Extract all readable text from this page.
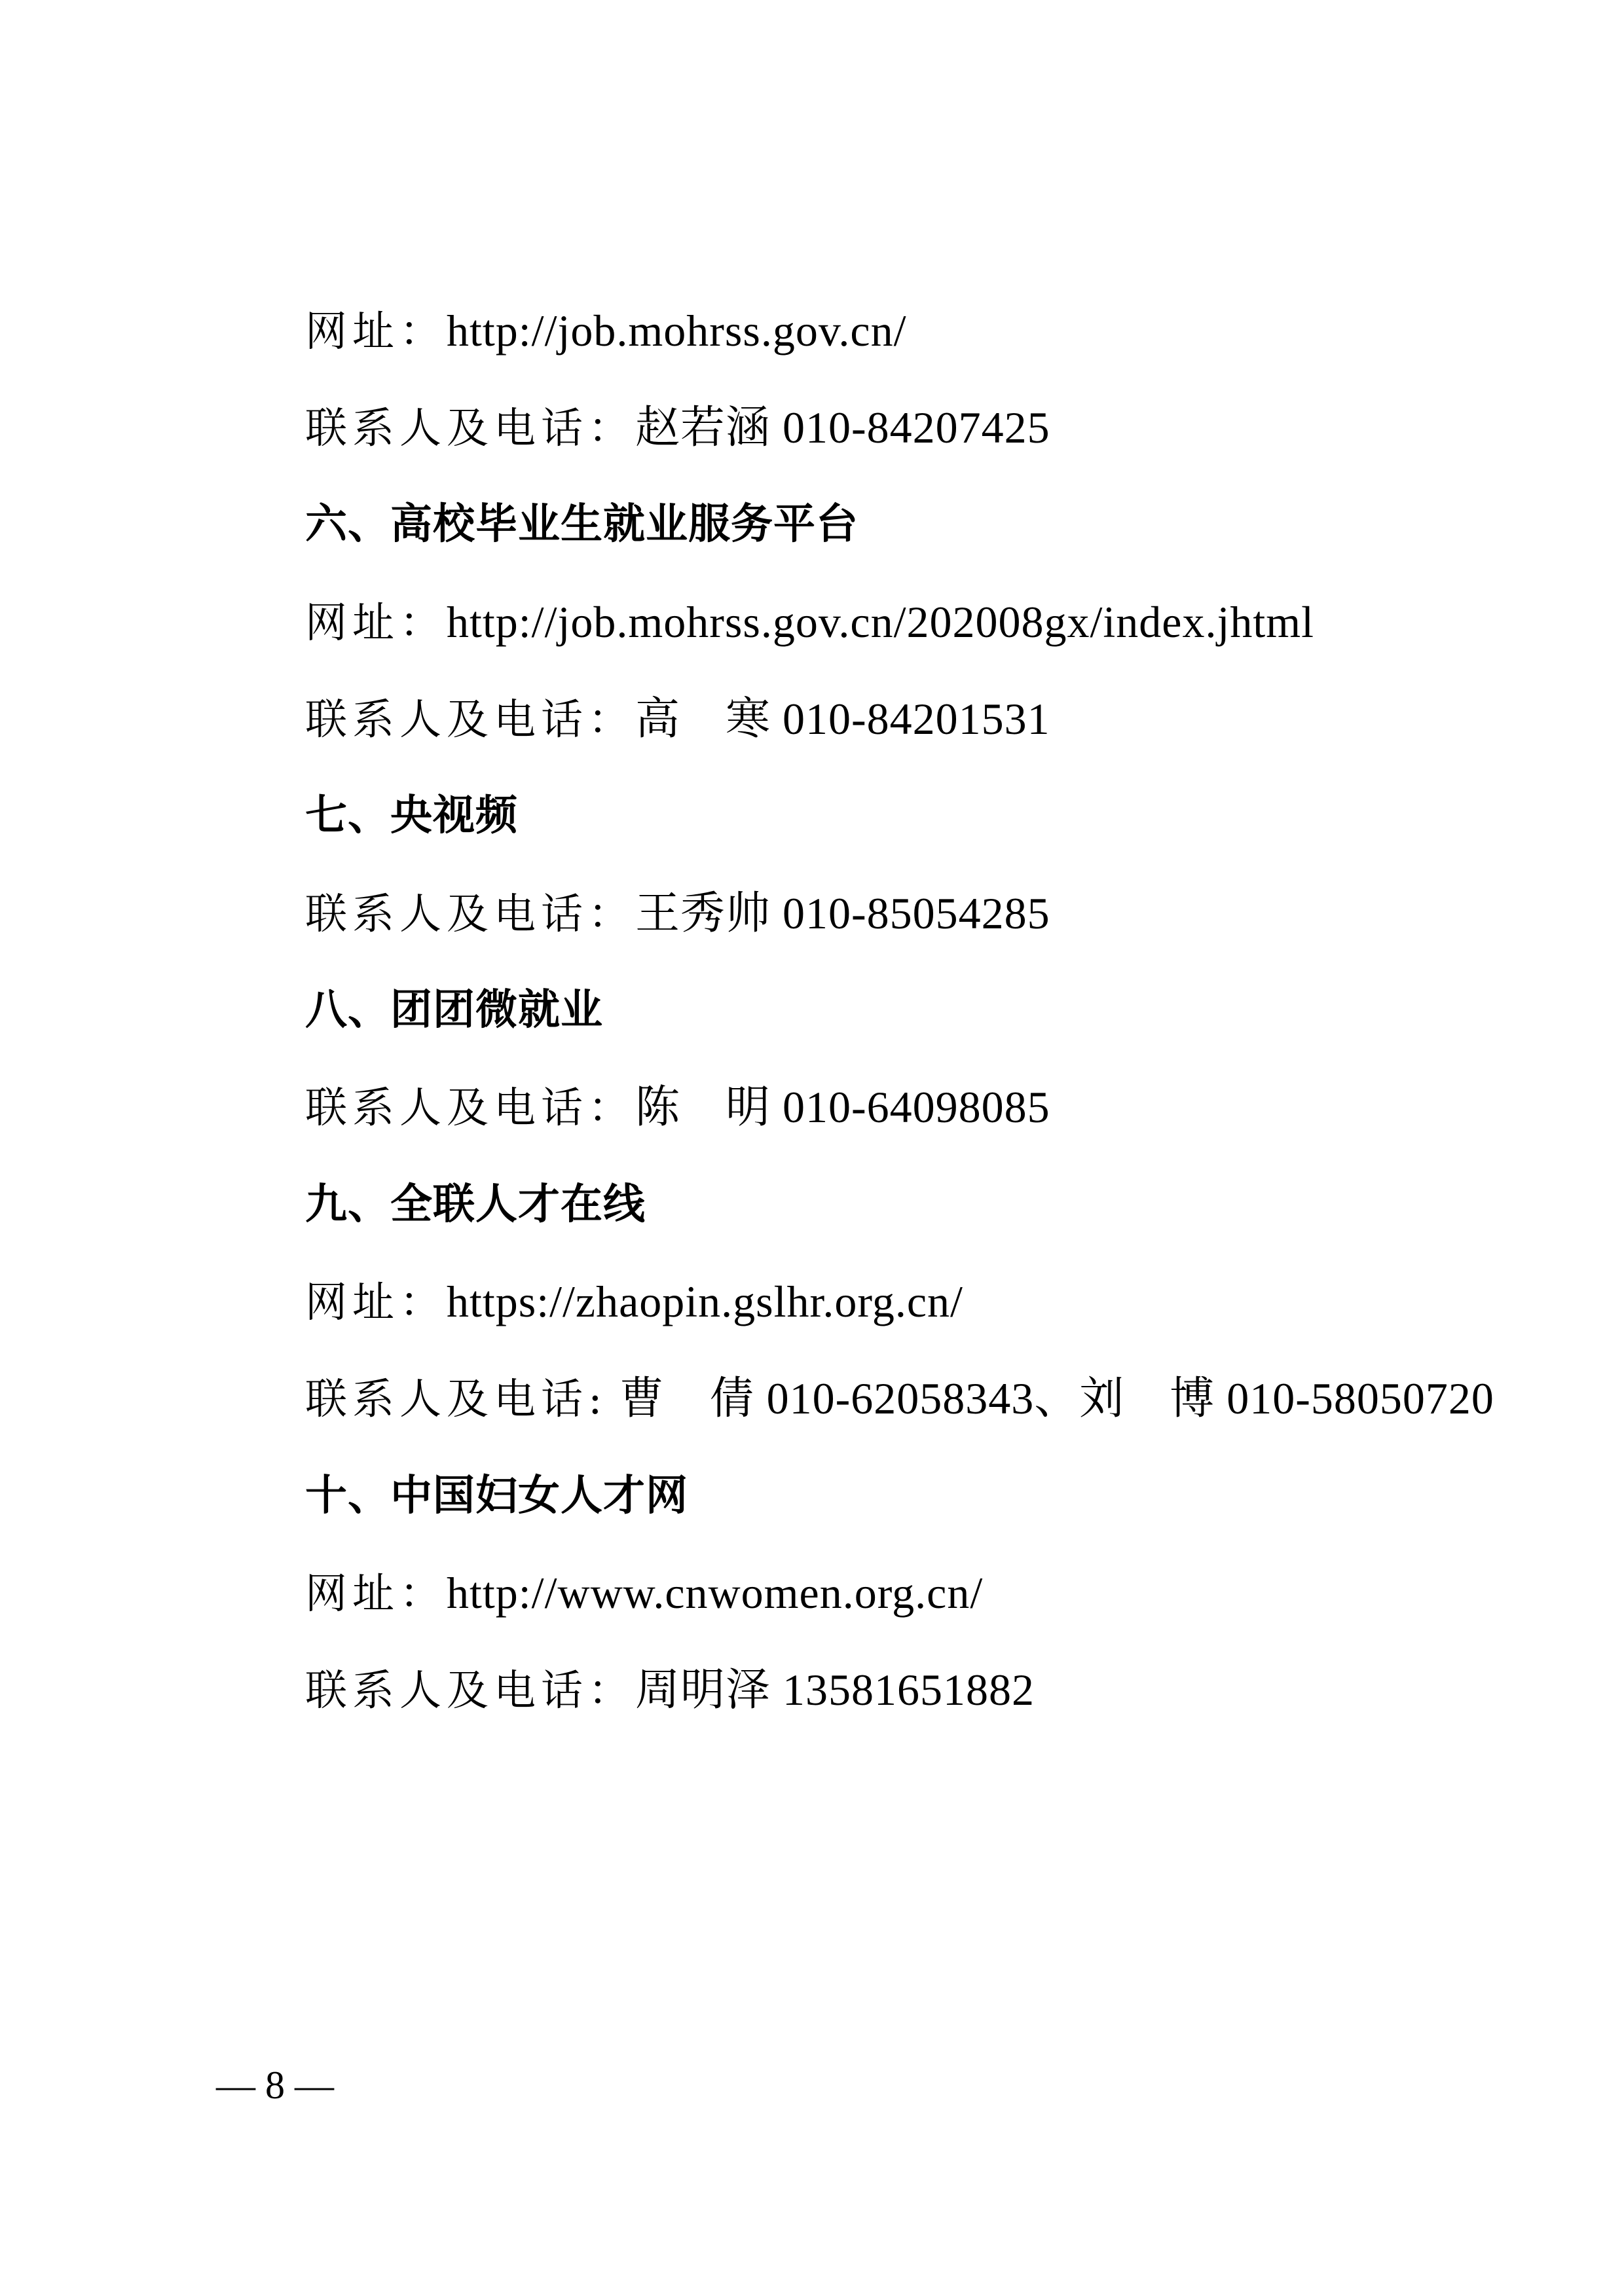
网址：http://job.mohrss.gov.cn/
联系人及电话：赵若涵 010-84207425
六、高校毕业生就业服务平台
网址：http://job.mohrss.gov.cn/202008gx/index.jhtml
联系人及电话：高　寒 010-84201531
七、央视频
联系人及电话：王秀帅 010-85054285
八、团团微就业
联系人及电话：陈　明 010-64098085
九、全联人才在线
网址：https://zhaopin.gslhr.org.cn/
联系人及电话: 曹　倩 010-62058343、刘　博 010-58050720
十、中国妇女人才网
网址：http://www.cnwomen.org.cn/
联系人及电话：周明泽 13581651882
— 8 —
